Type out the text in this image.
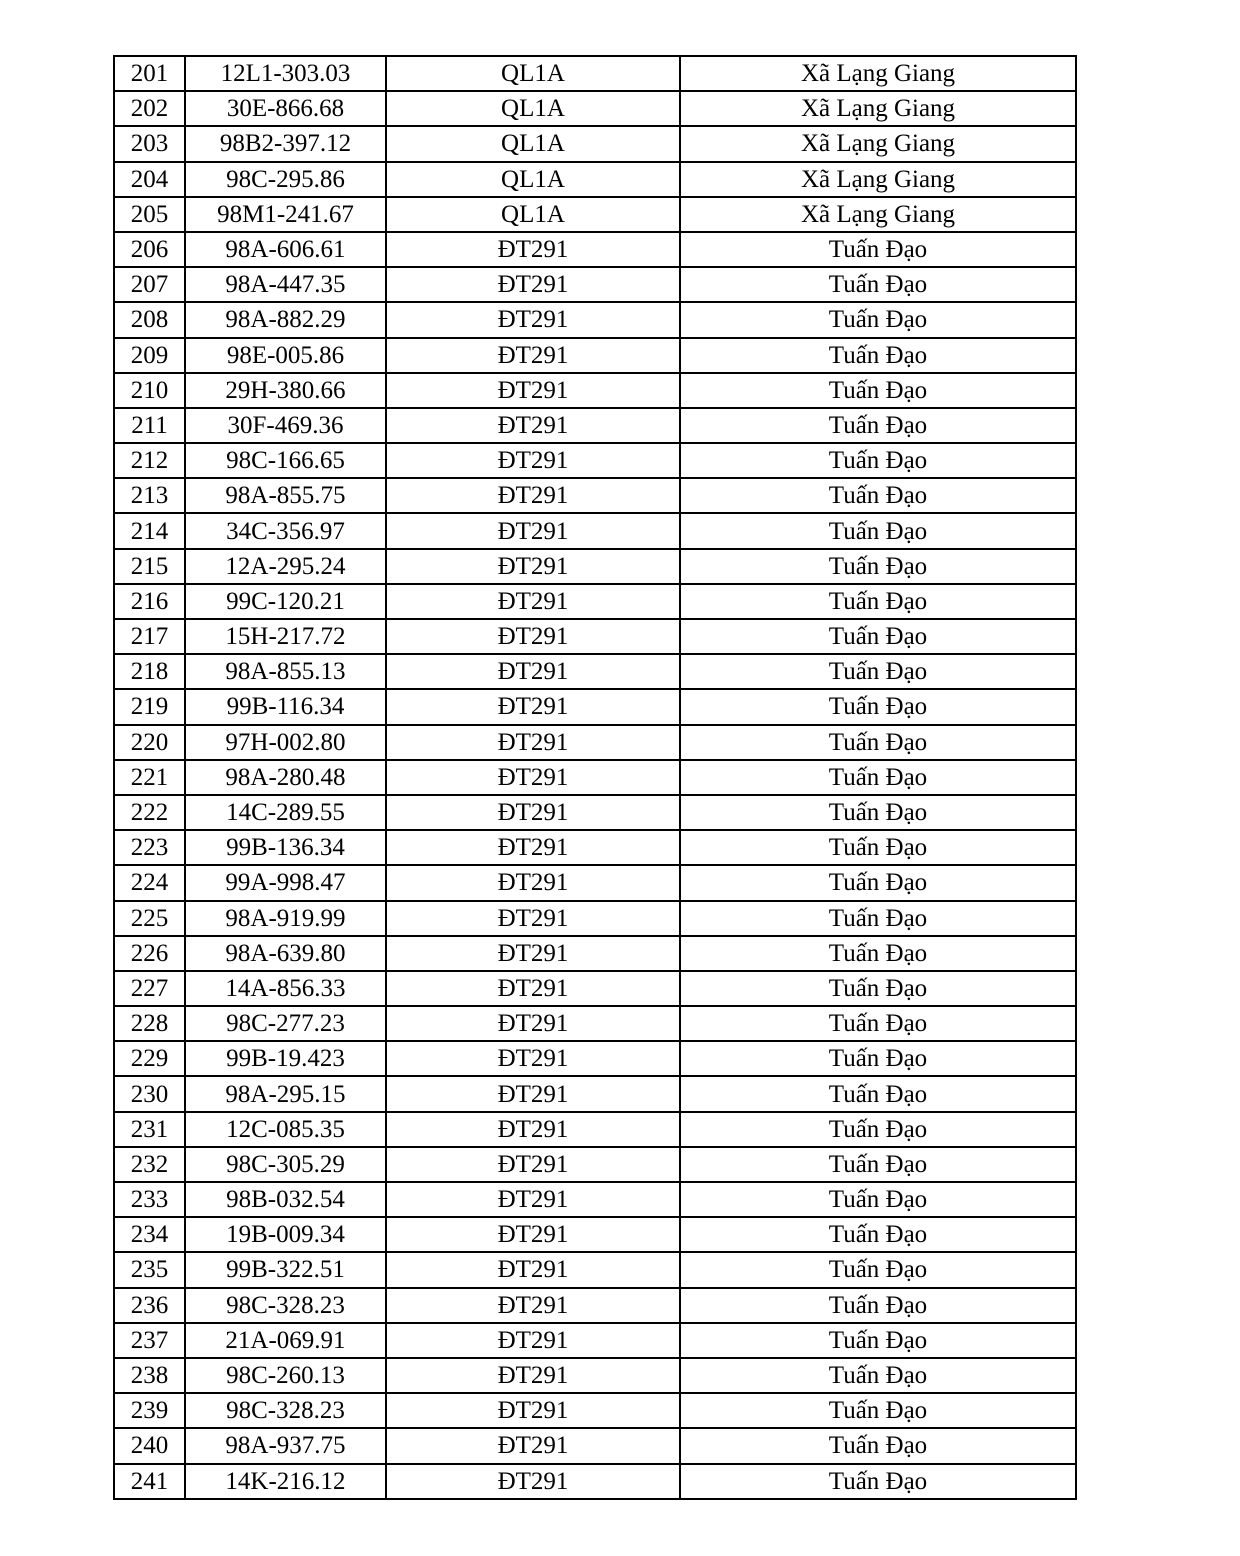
201	12L1-303.03	QL1A	Xã Lạng Giang
202	30E-866.68	QL1A	Xã Lạng Giang
203	98B2-397.12	QL1A	Xã Lạng Giang
204	98C-295.86	QL1A	Xã Lạng Giang
205	98M1-241.67	QL1A	Xã Lạng Giang
206	98A-606.61	ĐT291	Tuấn Đạo
207	98A-447.35	ĐT291	Tuấn Đạo
208	98A-882.29	ĐT291	Tuấn Đạo
209	98E-005.86	ĐT291	Tuấn Đạo
210	29H-380.66	ĐT291	Tuấn Đạo
211	30F-469.36	ĐT291	Tuấn Đạo
212	98C-166.65	ĐT291	Tuấn Đạo
213	98A-855.75	ĐT291	Tuấn Đạo
214	34C-356.97	ĐT291	Tuấn Đạo
215	12A-295.24	ĐT291	Tuấn Đạo
216	99C-120.21	ĐT291	Tuấn Đạo
217	15H-217.72	ĐT291	Tuấn Đạo
218	98A-855.13	ĐT291	Tuấn Đạo
219	99B-116.34	ĐT291	Tuấn Đạo
220	97H-002.80	ĐT291	Tuấn Đạo
221	98A-280.48	ĐT291	Tuấn Đạo
222	14C-289.55	ĐT291	Tuấn Đạo
223	99B-136.34	ĐT291	Tuấn Đạo
224	99A-998.47	ĐT291	Tuấn Đạo
225	98A-919.99	ĐT291	Tuấn Đạo
226	98A-639.80	ĐT291	Tuấn Đạo
227	14A-856.33	ĐT291	Tuấn Đạo
228	98C-277.23	ĐT291	Tuấn Đạo
229	99B-19.423	ĐT291	Tuấn Đạo
230	98A-295.15	ĐT291	Tuấn Đạo
231	12C-085.35	ĐT291	Tuấn Đạo
232	98C-305.29	ĐT291	Tuấn Đạo
233	98B-032.54	ĐT291	Tuấn Đạo
234	19B-009.34	ĐT291	Tuấn Đạo
235	99B-322.51	ĐT291	Tuấn Đạo
236	98C-328.23	ĐT291	Tuấn Đạo
237	21A-069.91	ĐT291	Tuấn Đạo
238	98C-260.13	ĐT291	Tuấn Đạo
239	98C-328.23	ĐT291	Tuấn Đạo
240	98A-937.75	ĐT291	Tuấn Đạo
241	14K-216.12	ĐT291	Tuấn Đạo
